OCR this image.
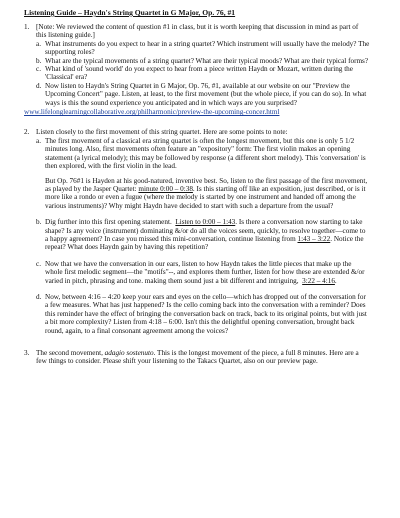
Listening Guide – Haydn's String Quartet in G Major, Op. 76, #1
1. [Note: We reviewed the content of question #1 in class, but it is worth keeping that discussion in mind as part of this listening guide.]

a. What instruments do you expect to hear in a string quartet? Which instrument will usually have the melody? The supporting roles?
b. What are the typical movements of a string quartet? What are their typical moods? What are their typical forms?
c. What kind of 'sound world' do you expect to hear from a piece written Haydn or Mozart, written during the 'Classical' era?
d. Now listen to Haydn's String Quartet in G Major, Op. 76, #1, available at our website on our "Preview the Upcoming Concert" page. Listen, at least, to the first movement (but the whole piece, if you can do so). In what ways is this the sound experience you anticipated and in which ways are you surprised?
www.lifelonglearningcollaborative.org/philharmonic/preview-the-upcoming-concer.html
2. Listen closely to the first movement of this string quartet. Here are some points to note:

a. The first movement of a classical era string quartet is often the longest movement, but this one is only 5 1/2 minutes long. Also, first movements often feature an "expository" form: The first violin makes an opening statement (a lyrical melody); this may be followed by response (a different short melody). This 'conversation' is then explored, with the first violin in the lead.

But Op. 76#1 is Hayden at his good-natured, inventive best. So, listen to the first passage of the first movement, as played by the Jasper Quartet: minute 0:00 – 0:38. Is this starting off like an exposition, just described, or is it more like a rondo or even a fugue (where the melody is started by one instrument and handed off among the various instruments)? Why might Haydn have decided to start with such a departure from the usual?

b. Dig further into this first opening statement. Listen to 0:00 – 1:43. Is there a conversation now starting to take shape? Is any voice (instrument) dominating &/or do all the voices seem, quickly, to resolve together—come to a happy agreement? In case you missed this mini-conversation, continue listening from 1:43 – 3:22. Notice the repeat? What does Haydn gain by having this repetition?

c. Now that we have the conversation in our ears, listen to how Haydn takes the little pieces that make up the whole first melodic segment—the "motifs"--, and explores them further, listen for how these are extended &/or varied in pitch, phrasing and tone. making them sound just a bit different and intriguing, 3:22 – 4:16.

d. Now, between 4:16 – 4:20 keep your ears and eyes on the cello—which has dropped out of the conversation for a few measures. What has just happened? Is the cello coming back into the conversation with a reminder? Does this reminder have the effect of bringing the conversation back on track, back to its original points, but with just a bit more complexity? Listen from 4:18 – 6:00. Isn't this the delightful opening conversation, brought back round, again, to a final consonant agreement among the voices?

3. The second movement, adagio sostenuto. This is the longest movement of the piece, a full 8 minutes. Here are a few things to consider. Please shift your listening to the Takacs Quartet, also on our preview page.
